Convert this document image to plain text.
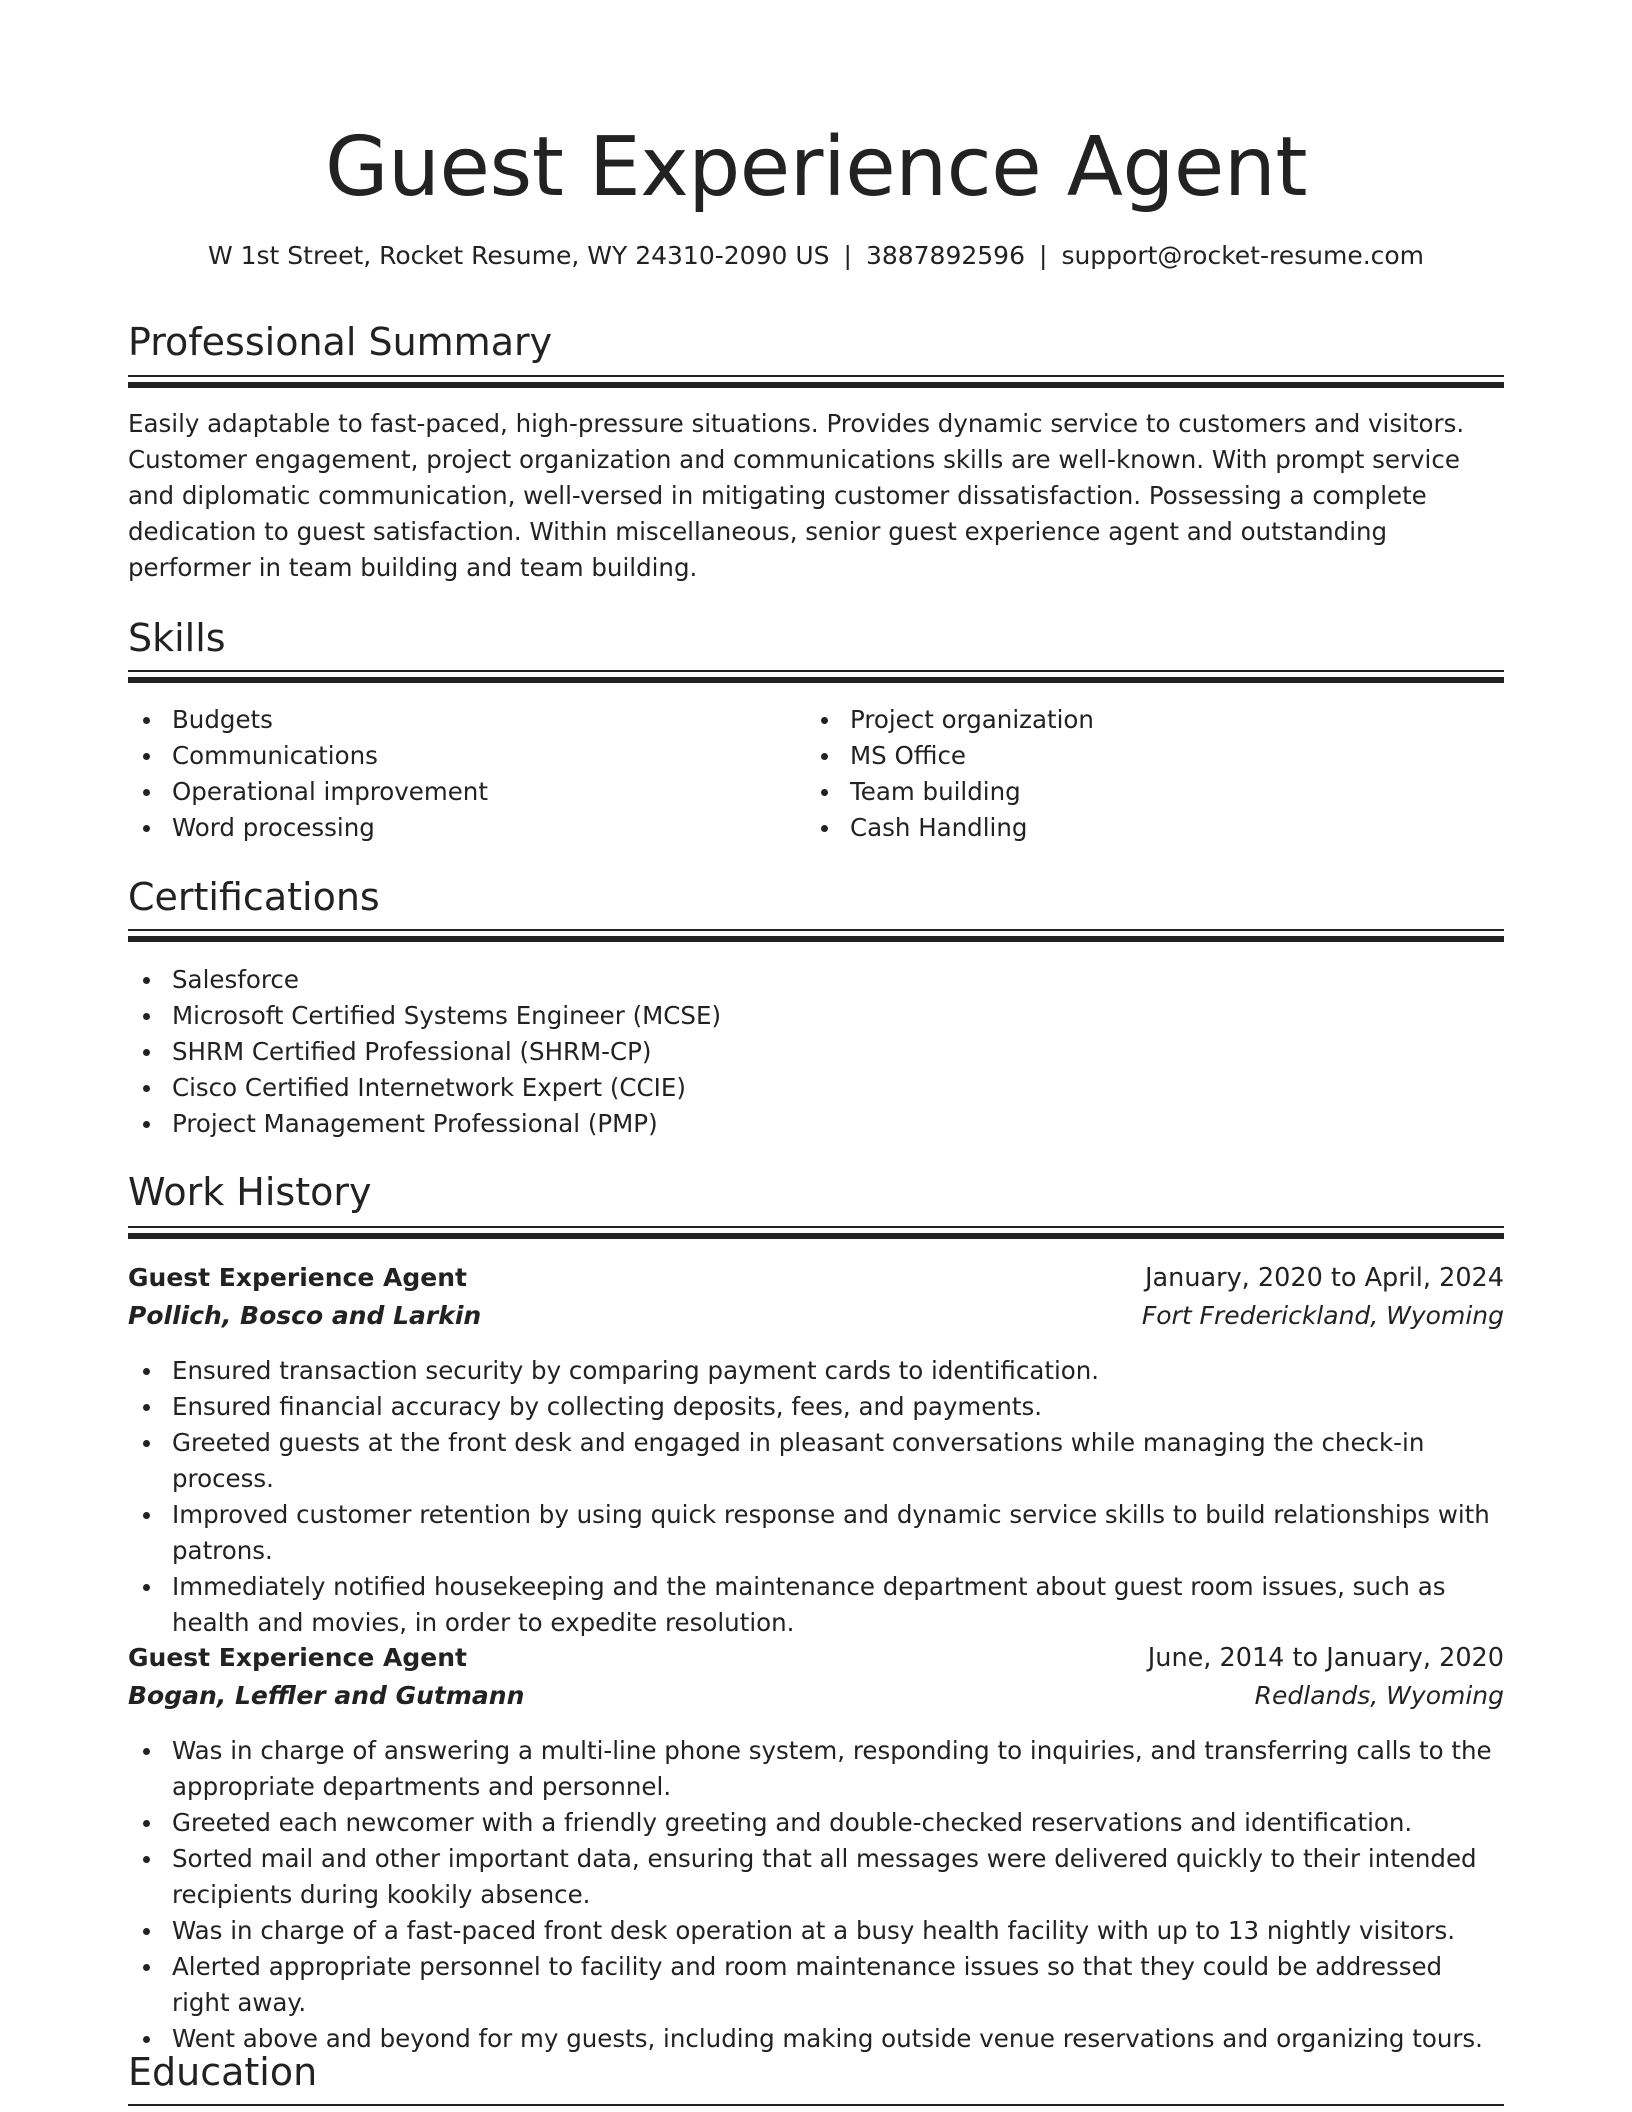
Guest Experience Agent
W 1st Street, Rocket Resume, WY 24310-2090 US | 3887892596 | support@rocket-resume.com
Professional Summary
Easily adaptable to fast-paced, high-pressure situations. Provides dynamic service to customers and visitors. Customer engagement, project organization and communications skills are well-known. With prompt service and diplomatic communication, well-versed in mitigating customer dissatisfaction. Possessing a complete dedication to guest satisfaction. Within miscellaneous, senior guest experience agent and outstanding performer in team building and team building.
Skills
Budgets
Communications
Operational improvement
Word processing
Project organization
MS Office
Team building
Cash Handling
Certifications
Salesforce
Microsoft Certified Systems Engineer (MCSE)
SHRM Certified Professional (SHRM-CP)
Cisco Certified Internetwork Expert (CCIE)
Project Management Professional (PMP)
Work History
Guest Experience Agent	January, 2020 to April, 2024
Pollich, Bosco and Larkin	Fort Frederickland, Wyoming
Ensured transaction security by comparing payment cards to identification.
Ensured financial accuracy by collecting deposits, fees, and payments.
Greeted guests at the front desk and engaged in pleasant conversations while managing the check-in process.
Improved customer retention by using quick response and dynamic service skills to build relationships with patrons.
Immediately notified housekeeping and the maintenance department about guest room issues, such as health and movies, in order to expedite resolution.
Guest Experience Agent	June, 2014 to January, 2020
Bogan, Leffler and Gutmann	Redlands, Wyoming
Was in charge of answering a multi-line phone system, responding to inquiries, and transferring calls to the appropriate departments and personnel.
Greeted each newcomer with a friendly greeting and double-checked reservations and identification.
Sorted mail and other important data, ensuring that all messages were delivered quickly to their intended recipients during kookily absence.
Was in charge of a fast-paced front desk operation at a busy health facility with up to 13 nightly visitors.
Alerted appropriate personnel to facility and room maintenance issues so that they could be addressed right away.
Went above and beyond for my guests, including making outside venue reservations and organizing tours.
Education
